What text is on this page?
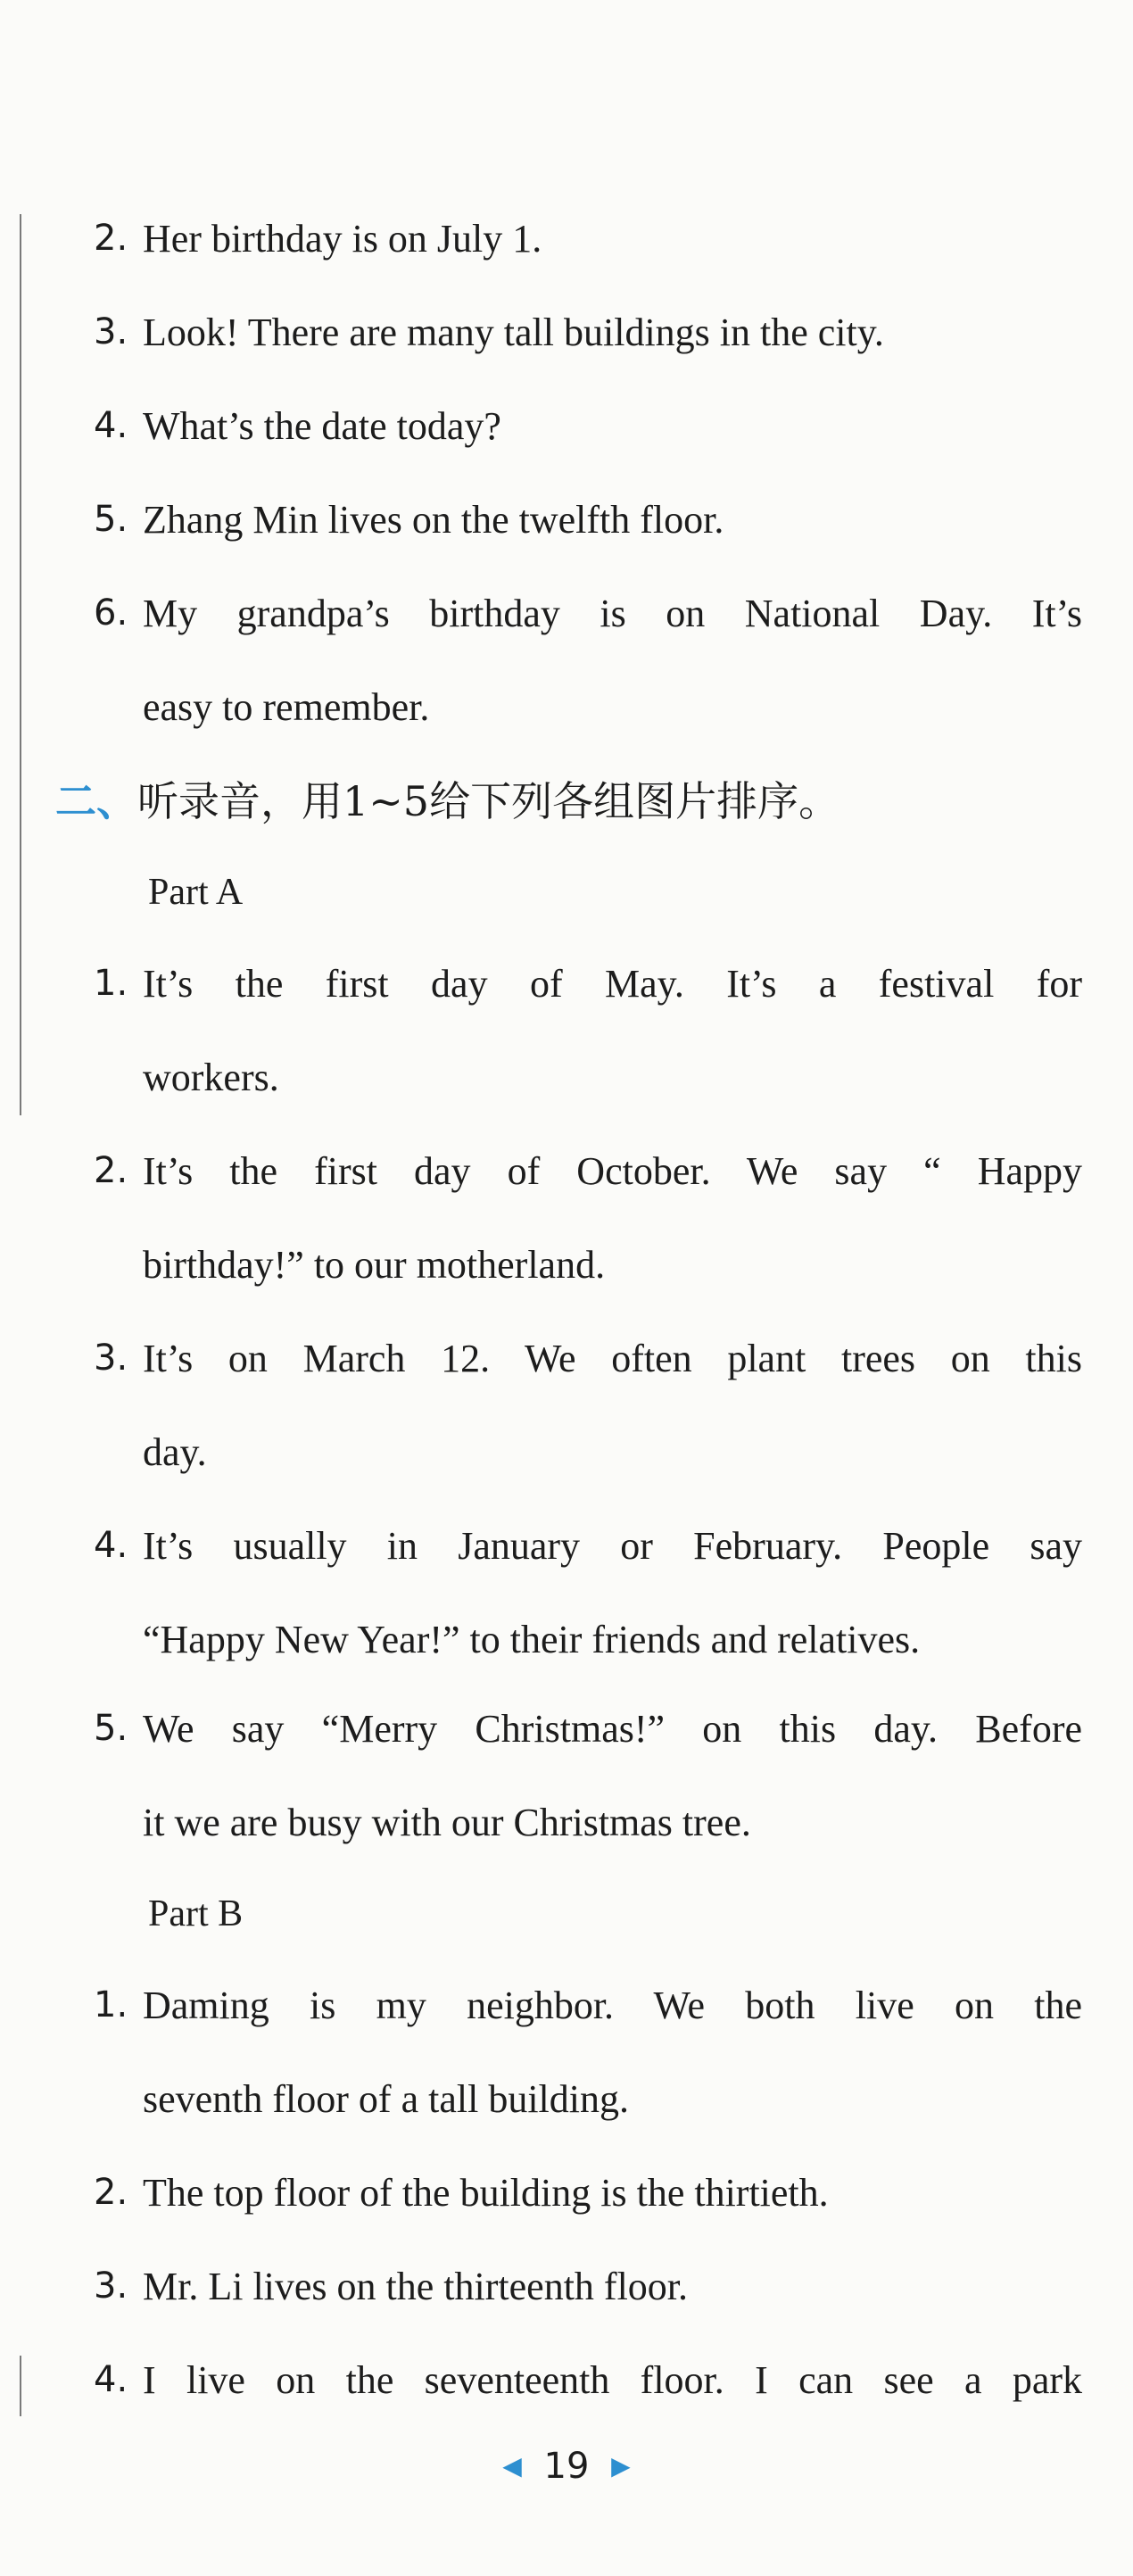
2. Her birthday is on July 1.
3. Look! There are many tall buildings in the city.
4. What’s the date today?
5. Zhang Min lives on the twelfth floor.
6. My grandpa’s birthday is on National Day. It’s
easy to remember.
二、听录音，用1~5给下列各组图片排序。
Part A
1. It’s the first day of May. It’s a festival for
workers.
2. It’s the first day of October. We say “ Happy
birthday!” to our motherland.
3. It’s on March 12. We often plant trees on this
day.
4. It’s usually in January or February. People say
“Happy New Year!” to their friends and relatives.
5. We say “Merry Christmas!” on this day. Before
it we are busy with our Christmas tree.
Part B
1. Daming is my neighbor. We both live on the
seventh floor of a tall building.
2. The top floor of the building is the thirtieth.
3. Mr. Li lives on the thirteenth floor.
4. I live on the seventeenth floor. I can see a park
◀ 19 ▶
